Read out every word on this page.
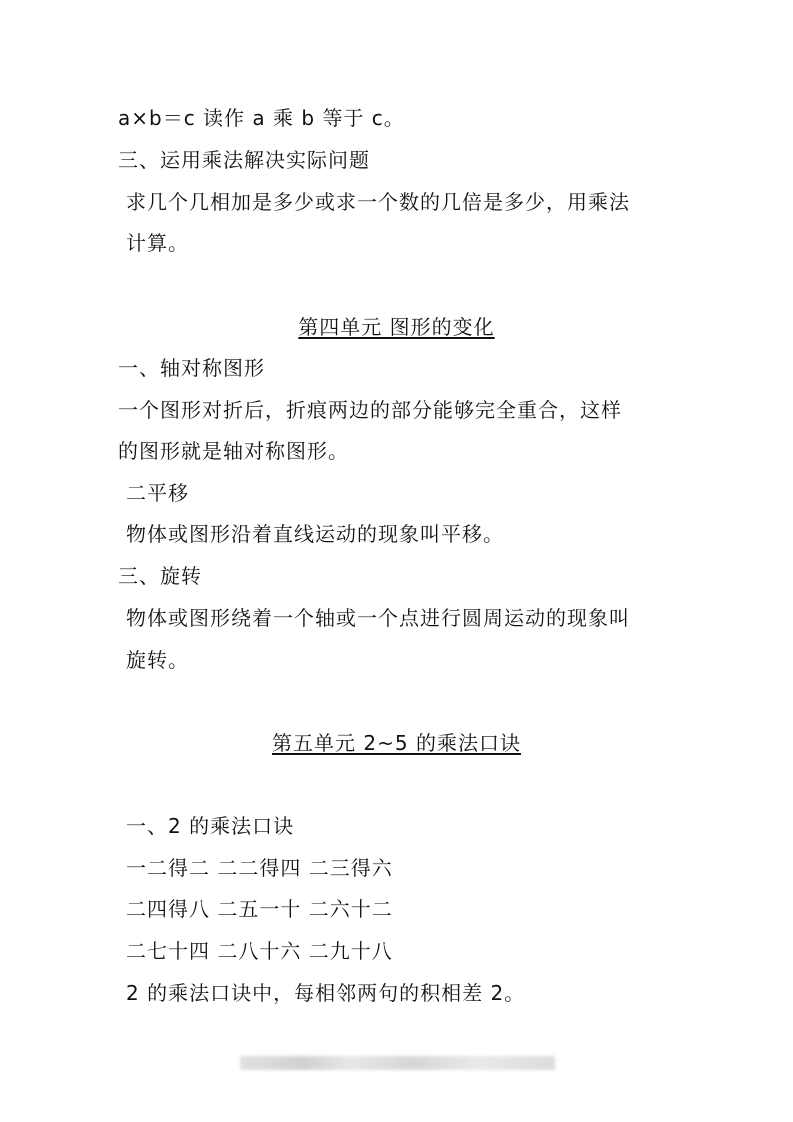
a×b＝c 读作 a 乘 b 等于 c。
三、运用乘法解决实际问题
求几个几相加是多少或求一个数的几倍是多少，用乘法
计算。
第四单元 图形的变化
一、轴对称图形
一个图形对折后，折痕两边的部分能够完全重合，这样
的图形就是轴对称图形。
二平移
物体或图形沿着直线运动的现象叫平移。
三、旋转
物体或图形绕着一个轴或一个点进行圆周运动的现象叫
旋转。
第五单元 2~5 的乘法口诀
一、2 的乘法口诀
一二得二 二二得四 二三得六
二四得八 二五一十 二六十二
二七十四 二八十六 二九十八
2 的乘法口诀中，每相邻两句的积相差 2。
